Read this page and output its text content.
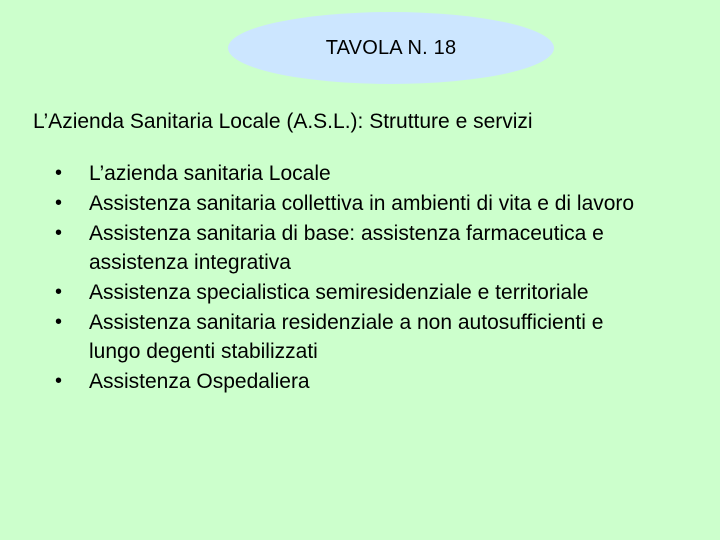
TAVOLA N. 18
L’Azienda Sanitaria Locale (A.S.L.): Strutture e servizi
• L’azienda sanitaria Locale
• Assistenza sanitaria collettiva in ambienti di vita e di lavoro
• Assistenza sanitaria di base: assistenza farmaceutica e assistenza integrativa
• Assistenza specialistica semiresidenziale e territoriale
• Assistenza sanitaria residenziale a non autosufficienti e lungo degenti stabilizzati
• Assistenza Ospedaliera
